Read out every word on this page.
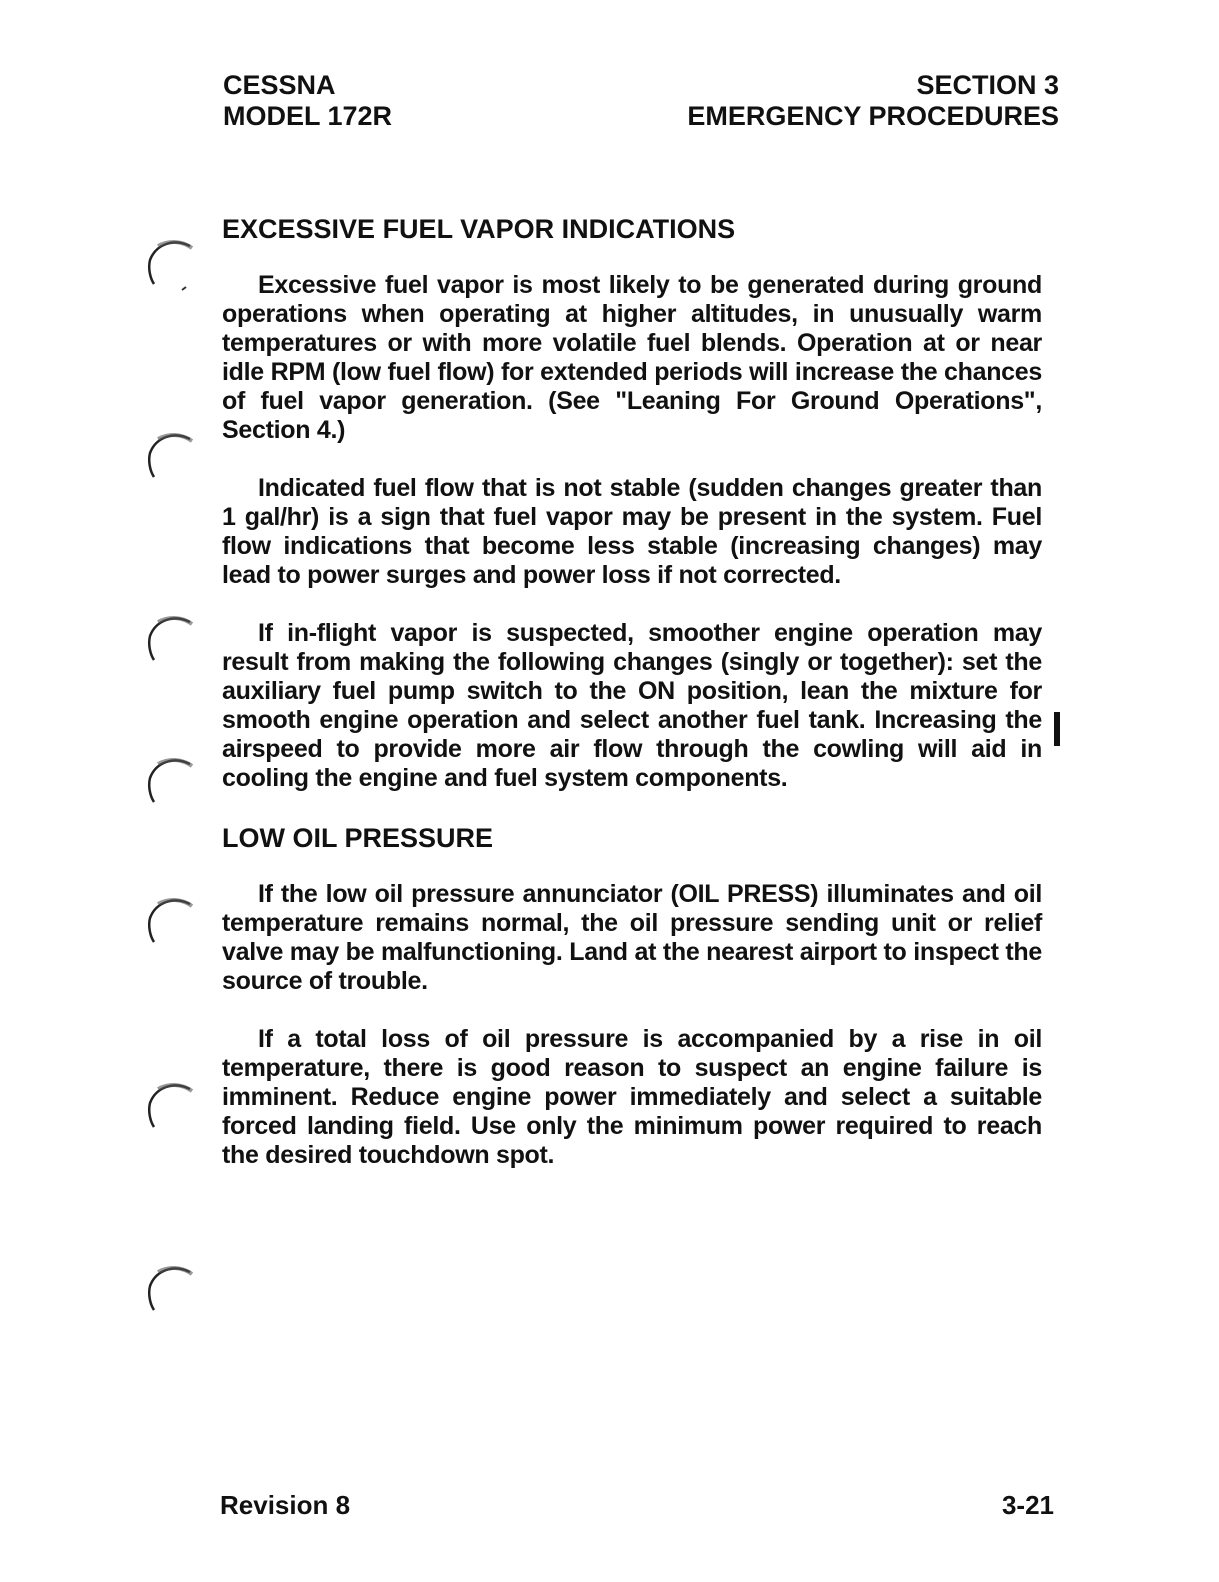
CESSNA
MODEL 172R
SECTION 3
EMERGENCY PROCEDURES
EXCESSIVE FUEL VAPOR INDICATIONS

Excessive fuel vapor is most likely to be generated during ground operations when operating at higher altitudes, in unusually warm temperatures or with more volatile fuel blends. Operation at or near idle RPM (low fuel flow) for extended periods will increase the chances of fuel vapor generation. (See "Leaning For Ground Operations", Section 4.)

Indicated fuel flow that is not stable (sudden changes greater than 1 gal/hr) is a sign that fuel vapor may be present in the system. Fuel flow indications that become less stable (increasing changes) may lead to power surges and power loss if not corrected.

If in-flight vapor is suspected, smoother engine operation may result from making the following changes (singly or together): set the auxiliary fuel pump switch to the ON position, lean the mixture for smooth engine operation and select another fuel tank. Increasing the airspeed to provide more air flow through the cowling will aid in cooling the engine and fuel system components.

LOW OIL PRESSURE

If the low oil pressure annunciator (OIL PRESS) illuminates and oil temperature remains normal, the oil pressure sending unit or relief valve may be malfunctioning. Land at the nearest airport to inspect the source of trouble.

If a total loss of oil pressure is accompanied by a rise in oil temperature, there is good reason to suspect an engine failure is imminent. Reduce engine power immediately and select a suitable forced landing field. Use only the minimum power required to reach the desired touchdown spot.

Revision 8	3-21
